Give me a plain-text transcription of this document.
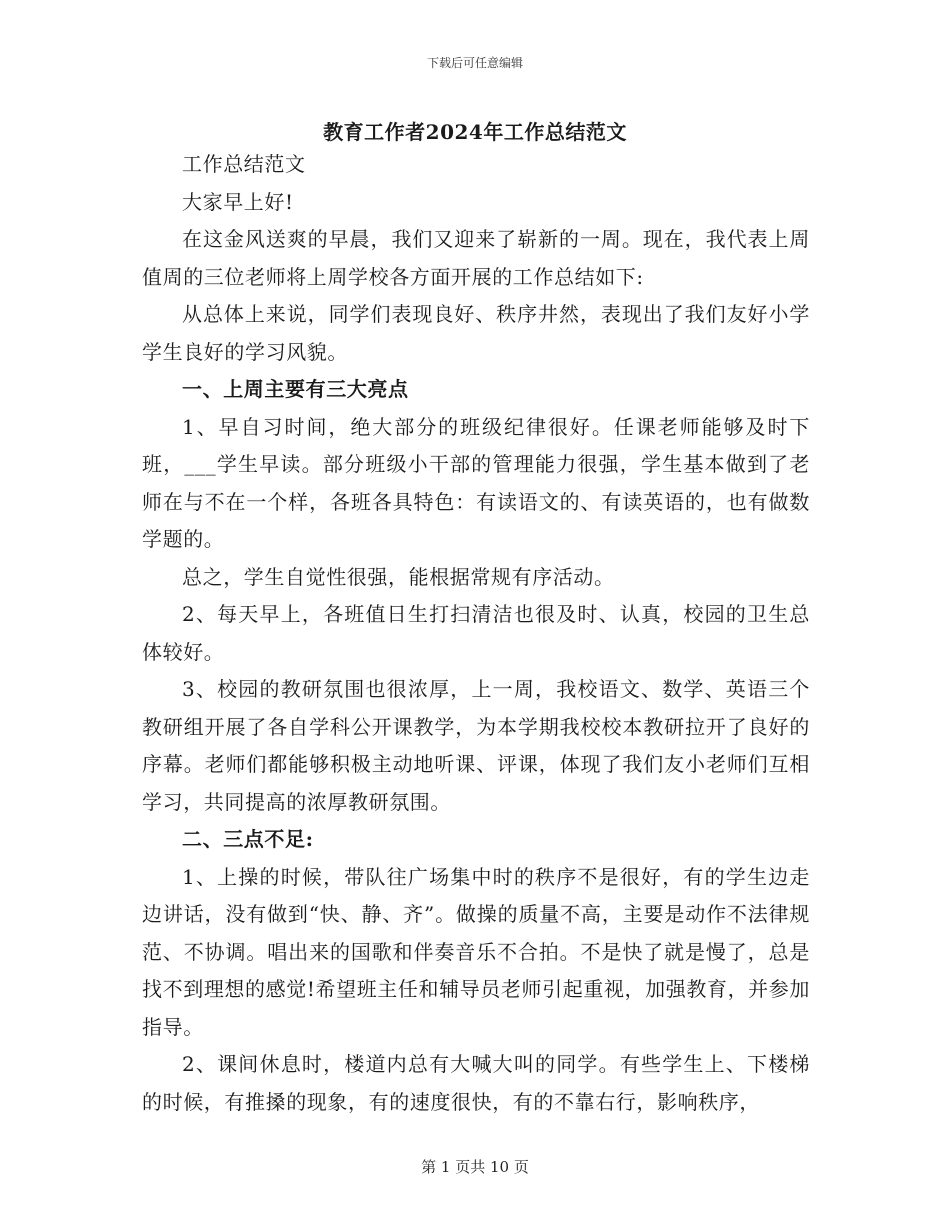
下载后可任意编辑
教育工作者2024年工作总结范文

工作总结范文

大家早上好!

在这金风送爽的早晨，我们又迎来了崭新的一周。现在，我代表上周值周的三位老师将上周学校各方面开展的工作总结如下:

从总体上来说，同学们表现良好、秩序井然，表现出了我们友好小学学生良好的学习风貌。

一、上周主要有三大亮点

1、早自习时间，绝大部分的班级纪律很好。任课老师能够及时下班，___学生早读。部分班级小干部的管理能力很强，学生基本做到了老师在与不在一个样，各班各具特色：有读语文的、有读英语的，也有做数学题的。

总之，学生自觉性很强，能根据常规有序活动。

2、每天早上，各班值日生打扫清洁也很及时、认真，校园的卫生总体较好。

3、校园的教研氛围也很浓厚，上一周，我校语文、数学、英语三个教研组开展了各自学科公开课教学，为本学期我校校本教研拉开了良好的序幕。老师们都能够积极主动地听课、评课，体现了我们友小老师们互相学习，共同提高的浓厚教研氛围。

二、三点不足:

1、上操的时候，带队往广场集中时的秩序不是很好，有的学生边走边讲话，没有做到“快、静、齐”。做操的质量不高，主要是动作不法律规范、不协调。唱出来的国歌和伴奏音乐不合拍。不是快了就是慢了，总是找不到理想的感觉!希望班主任和辅导员老师引起重视，加强教育，并参加指导。

2、课间休息时，楼道内总有大喊大叫的同学。有些学生上、下楼梯的时候，有推搡的现象，有的速度很快，有的不靠右行，影响秩序，

第 1 页共 10 页
